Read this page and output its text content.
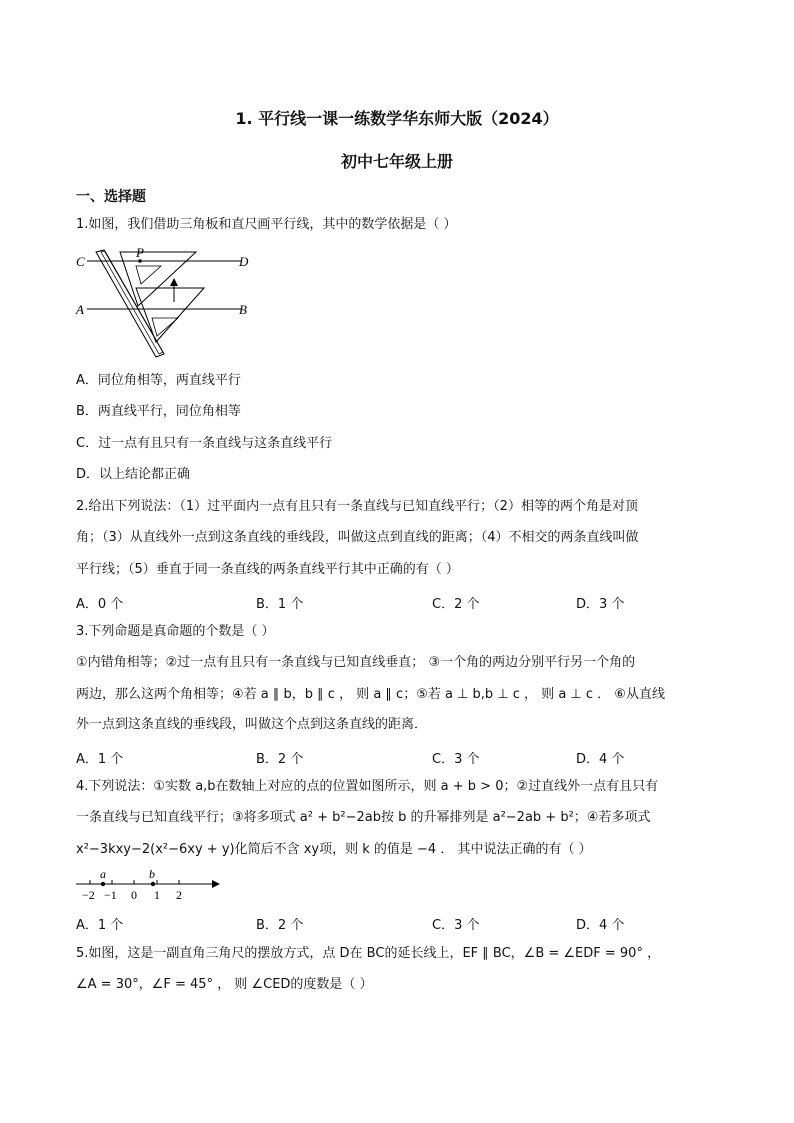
1. 平行线一课一练数学华东师大版（2024）
初中七年级上册
一、选择题
1.如图，我们借助三角板和直尺画平行线，其中的数学依据是（ ）
C
P
D
A	B
A．同位角相等，两直线平行
B．两直线平行，同位角相等
C．过一点有且只有一条直线与这条直线平行
D．以上结论都正确
2.给出下列说法：（1）过平面内一点有且只有一条直线与已知直线平行；（2）相等的两个角是对顶
角；（3）从直线外一点到这条直线的垂线段，叫做这点到直线的距离；（4）不相交的两条直线叫做
平行线；（5）垂直于同一条直线的两条直线平行其中正确的有（ ）
A．0 个	B．1 个	C．2 个	D．3 个
3.下列命题是真命题的个数是（ ）
①内错角相等；②过一点有且只有一条直线与已知直线垂直； ③一个角的两边分别平行另一个角的
两边，那么这两个角相等；④若 a ∥ b，b ∥ c ， 则 a ∥ c；⑤若 a ⊥ b,b ⊥ c ， 则 a ⊥ c ． ⑥从直线
外一点到这条直线的垂线段，叫做这个点到这条直线的距离．
A．1 个	B．2 个	C．3 个	D．4 个
4.下列说法：①实数 a,b在数轴上对应的点的位置如图所示，则 a + b > 0；②过直线外一点有且只有
一条直线与已知直线平行；③将多项式 a² + b²−2ab按 b 的升幂排列是 a²−2ab + b²；④若多项式
x²−3kxy−2(x²−6xy + y)化简后不含 xy项，则 k 的值是 −4 ． 其中说法正确的有（ ）
a	b
−2 −1 0 1 2
A．1 个	B．2 个	C．3 个	D．4 个
5.如图，这是一副直角三角尺的摆放方式，点 D在 BC的延长线上，EF ∥ BC，∠B = ∠EDF = 90° ，
∠A = 30°，∠F = 45° ， 则 ∠CED的度数是（ ）
